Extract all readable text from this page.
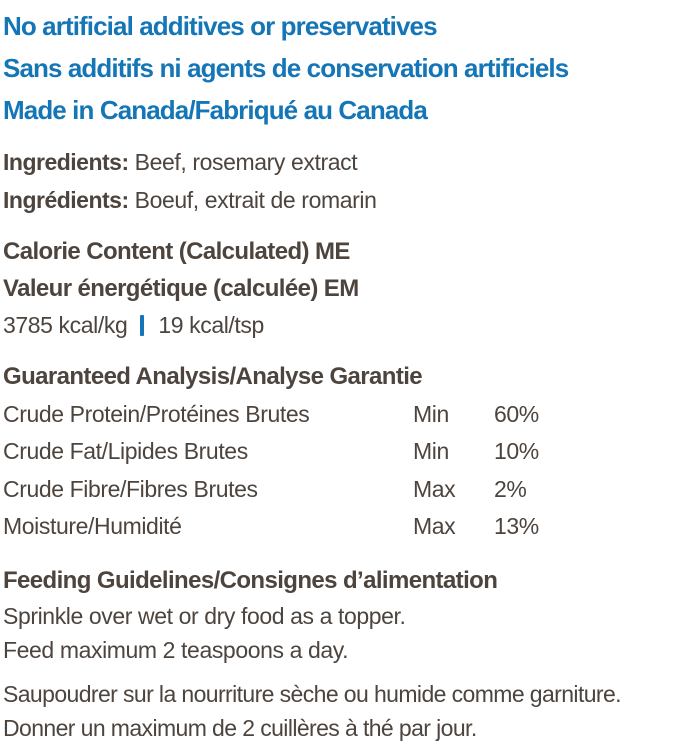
No artificial additives or preservatives
Sans additifs ni agents de conservation artificiels
Made in Canada/Fabriqué au Canada
Ingredients: Beef, rosemary extract
Ingrédients: Boeuf, extrait de romarin
Calorie Content (Calculated) ME
Valeur énergétique (calculée) EM
3785 kcal/kg 19 kcal/tsp
Guaranteed Analysis/Analyse Garantie
Crude Protein/Protéines Brutes	Min	60%
Crude Fat/Lipides Brutes	Min	10%
Crude Fibre/Fibres Brutes	Max	2%
Moisture/Humidité	Max	13%
Feeding Guidelines/Consignes d’alimentation
Sprinkle over wet or dry food as a topper.
Feed maximum 2 teaspoons a day.
Saupoudrer sur la nourriture sèche ou humide comme garniture.
Donner un maximum de 2 cuillères à thé par jour.
